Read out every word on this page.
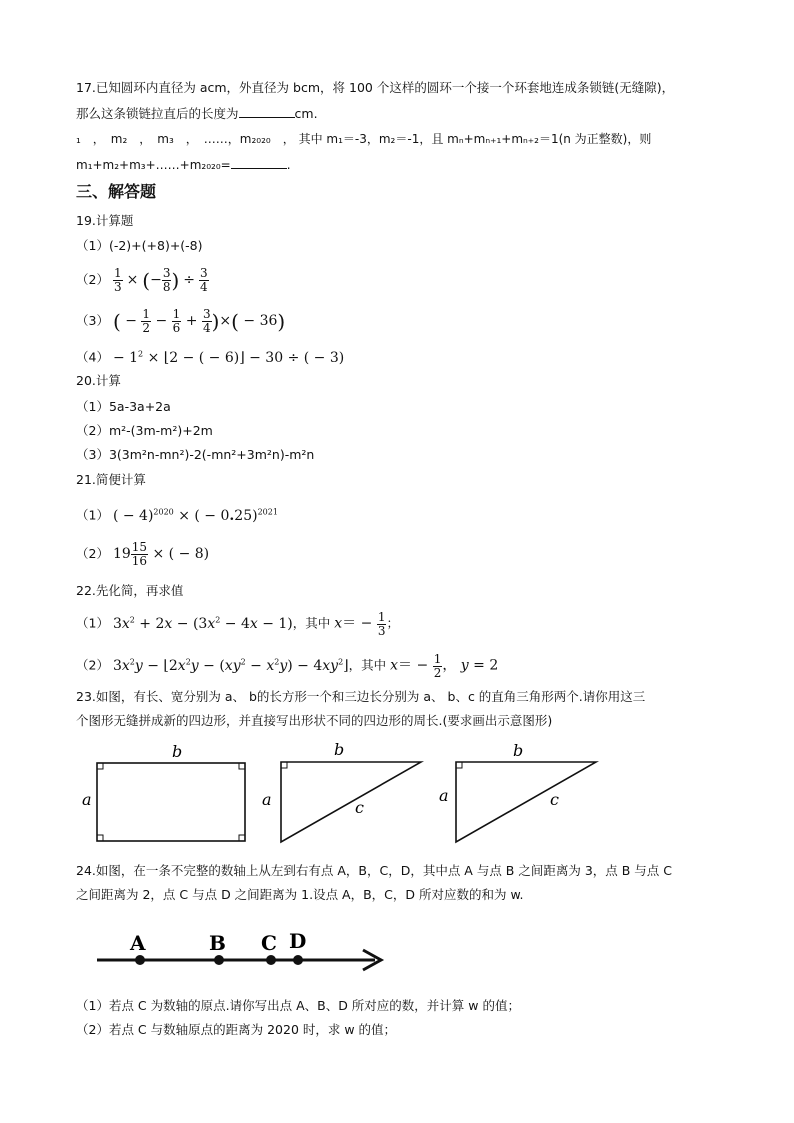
17.已知圆环内直径为 acm，外直径为 bcm，将 100 个这样的圆环一个接一个环套地连成条锁链(无缝隙)，
那么这条锁链拉直后的长度为	cm.
₁　，　m₂　，　m₃　，　……，m₂₀₂₀　， 其中 m₁＝-3，m₂＝-1，且 mₙ+mₙ₊₁+mₙ₊₂＝1(n 为正整数)，则
m₁+m₂+m₃+……+m₂₀₂₀=	.
三、解答题
19.计算题
（1）(-2)+(+8)+(-8)
$(2) \frac{1}{3}$ × (− $\frac{3}{8}$ ) ÷ $\frac{3}{4}$
（3） ( − $\frac{1}{2} - \frac{1}{6} + \frac{3}{4}$ )×( − 36)
$(4) - 1^2$ × ⌊2 − ( − 6)⌋ − 30 ÷ ( − 3)
20.计算
（1）5a-3a+2a
（2）m²-(3m-m²)+2m
（3）3(3m²n-mn²)-2(-mn²+3m²n)-m²n
21.简便计算
（1） ( − 4)$^{2020}$ × ( − 0.25)$^{2021}$
（2） $19 \frac{15}{16}$ × ( − 8)
22.先化简，再求值
（1） $3x^2 + 2x - (3x^2 - 4x - 1)$，其中 $x= - \frac{1}{3}$ ；
（2） $3x^2y$ − $⌊2x^2y - (xy^2 - x^2y)$ − $4xy^2⌋$，其中 $x= - \frac{1}{2}$ ， y = 2
23.如图，有长、宽分别为 a、 b的长方形一个和三边长分别为 a、 b、c 的直角三角形两个.请你用这三
个图形无缝拼成新的四边形，并直接写出形状不同的四边形的周长.(要求画出示意图形)
b
a
b
a	c
b
a	c
A	B C D
24.如图，在一条不完整的数轴上从左到右有点 A，B，C，D，其中点 A 与点 B 之间距离为 3，点 B 与点 C
之间距离为 2，点 C 与点 D 之间距离为 1.设点 A，B，C，D 所对应数的和为 w.
（1）若点 C 为数轴的原点.请你写出点 A、B、D 所对应的数，并计算 w 的值；
（2）若点 C 与数轴原点的距离为 2020 时，求 w 的值；
